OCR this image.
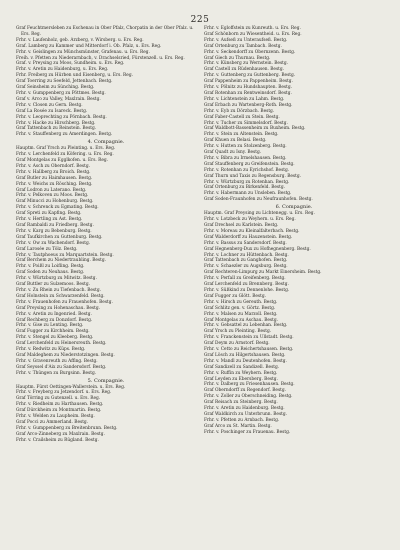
225
Graf Feuchtmersleben zu Eschenau in Ober Pfalz, Chorpatin in der Ober Pfalz. u. Ers. Reg.
Frhr. v. Laufenholz, geb. Arzberg, v. Wirsberg. u. Ers. Reg.
Graf. Lamberg zu Kammer und Mitterdorf i. Ob. Pfalz, u. Ers. Reg.
Frhr. v. Geislingen zu Münchsmünster, Grafenau. u. Ers. Reg.
Freih. v. Pfetten zu Niederarnbach, v. Drachselsried, Fürstenzell. u. Ers. Reg.
Graf. v. Preysing zu Moos, Sundheim. u. Ers. Reg.
Frhr. v. Aretin zu Haidenburg, u. Ers. Reg.
Frhr. Freiberg zu Hürben und Eisenberg, u. Ers. Reg.
Graf Toerring zu Seefeld, Jettenbach. Bestg.
Graf Seinsheim zu Sünching. Bestg.
Frhr. v. Gumppenberg zu Pöttmes. Bestg.
Graf v. Arco zu Valley, Maxlrain. Bestg.
Frhr. v. Closen zu Gern. Bestg.
Graf La Rosée zu Isareck. Bestg.
Frhr. v. Leoprechting zu Pörnbach. Bestg.
Frhr. v. Hacke zu Hirschberg. Bestg.
Graf Tattenbach zu Reinstein. Bestg.
Frhr. v. Stauffenberg zu Amerdingen. Bestg.
4. Compagnie.
Hauptm. Graf Yrsch zu Pleinting. u. Ers. Reg.
Frhr. v. Lerchenfeld zu Köfering. u. Ers. Reg.
Graf Montgelas zu Egglkofen. u. Ers. Reg.
Frhr. v. Asch zu Oberndorf. Bestg.
Frhr. v. Hallberg zu Broich. Bestg.
Graf Butler zu Haimhausen. Bestg.
Frhr. v. Weichs zu Rösching. Bestg.
Graf Lodron zu Laterano. Bestg.
Frhr. v. Pelkoven zu Moos. Bestg.
Graf Minucci zu Hohenburg. Bestg.
Frhr. v. Schrenck zu Egmating. Bestg.
Graf Spreti zu Kapfing. Bestg.
Frhr. v. Hertling zu Ast. Bestg.
Graf Rambaldi zu Friedberg. Bestg.
Frhr. v. Karg zu Bebenburg. Bestg.
Graf Taufkirchen zu Guttenburg. Bestg.
Frhr. v. Ow zu Wachendorf. Bestg.
Graf Larosée zu Tölz. Bestg.
Frhr. v. Tautphoeus zu Marquartstein. Bestg.
Graf Berchem zu Niedertraubling. Bestg.
Frhr. v. Poißl zu Loifling. Bestg.
Graf Soden zu Neuhaus. Bestg.
Frhr. v. Würtzburg zu Mitwitz. Bestg.
Graf Buttler zu Sulzemoos. Bestg.
Frhr. v. Zu Rhein zu Tiefenbach. Bestg.
Graf Holnstein zu Schwarzenfeld. Bestg.
Frhr. v. Frauenhofen zu Frauenhofen. Bestg.
Graf Preysing zu Hohenaschau. Bestg.
Frhr. v. Aretin zu Ingenried. Bestg.
Graf Rechberg zu Donzdorf. Bestg.
Frhr. v. Gise zu Lenting. Bestg.
Graf Fugger zu Kirchheim. Bestg.
Frhr. v. Stengel zu Kleeberg. Bestg.
Graf Lerchenfeld zu Heinersreuth. Bestg.
Frhr. v. Redwitz zu Küps. Bestg.
Graf Maldeghem zu Niederstotzingen. Bestg.
Frhr. v. Gravenreuth zu Affing. Bestg.
Graf Seyssel d'Aix zu Sandersdorf. Bestg.
Frhr. v. Thüngen zu Burgsinn. Bestg.
5. Compagnie.
Hauptm. Fürst Oettingen-Wallerstein. u. Ers. Reg.
Frhr. v. Freyberg zu Jetzendorf. u. Ers. Reg.
Graf Törring zu Gutenzell. u. Ers. Reg.
Frhr. v. Riedheim zu Harthausen. Bestg.
Graf Dürckheim zu Montmartin. Bestg.
Frhr. v. Welden zu Laupheim. Bestg.
Graf Pocci zu Ammerland. Bestg.
Frhr. v. Gumppenberg zu Breitenbrunn. Bestg.
Graf Arco-Zinneberg zu Maxlrain. Bestg.
Frhr. v. Crailsheim zu Rügland. Bestg.
Frhr. v. Egloffstein zu Kunreuth. u. Ers. Reg.
Graf Schönborn zu Wiesentheid. u. Ers. Reg.
Frhr. v. Aufseß zu Unteraufseß. Bestg.
Graf Ortenburg zu Tambach. Bestg.
Frhr. v. Seckendorff zu Obernzenn. Bestg.
Graf Giech zu Thurnau. Bestg.
Frhr. v. Künsberg zu Wernstein. Bestg.
Graf Castell zu Rüdenhausen. Bestg.
Frhr. v. Guttenberg zu Guttenberg. Bestg.
Graf Pappenheim zu Pappenheim. Bestg.
Frhr. v. Pölnitz zu Hundshaupten. Bestg.
Graf Rotenhan zu Rentweinsdorf. Bestg.
Frhr. v. Lichtenstein zu Lahm. Bestg.
Graf Erbach zu Wartenberg-Roth. Bestg.
Frhr. v. Eyb zu Dörzbach. Bestg.
Graf Faber-Castell zu Stein. Bestg.
Frhr. v. Tucher zu Simmelsdorf. Bestg.
Graf Waldbott-Bassenheim zu Buxheim. Bestg.
Frhr. v. Stein zu Altenstein. Bestg.
Graf Khuen zu Belasi. Bestg.
Frhr. v. Hutten zu Stolzenberg. Bestg.
Graf Quadt zu Isny. Bestg.
Frhr. v. Bibra zu Irmelshausen. Bestg.
Graf Stauffenberg zu Greifenstein. Bestg.
Frhr. v. Rotenhan zu Eyrichshof. Bestg.
Graf Thurn und Taxis zu Regensburg. Bestg.
Frhr. v. Würtzburg zu Rotenhan. Bestg.
Graf Ortenburg zu Birkenfeld. Bestg.
Frhr. v. Habermann zu Unsleben. Bestg.
Graf Soden-Fraunhofen zu Neufraunhofen. Bestg.
6. Compagnie.
Hauptm. Graf Preysing zu Lichtenegg. u. Ers. Reg.
Frhr. v. Lotzbeck zu Weyhern. u. Ers. Reg.
Graf Drechsel zu Karlstein. Bestg.
Frhr. v. Moreau zu Kleinalfalterbach. Bestg.
Graf Walderdorff zu Hauzenstein. Bestg.
Frhr. v. Bassus zu Sandersdorf. Bestg.
Graf Hegnenberg-Dux zu Hofhegnenberg. Bestg.
Frhr. v. Lochner zu Hüttenbach. Bestg.
Graf Tattenbach zu Ganghofen. Bestg.
Frhr. v. Schaezler zu Augsburg. Bestg.
Graf Rechteren-Limpurg zu Markt Einersheim. Bestg.
Frhr. v. Perfall zu Greifenberg. Bestg.
Graf Lerchenfeld zu Brennberg. Bestg.
Frhr. v. Süßkind zu Dennenlohe. Bestg.
Graf Fugger zu Glött. Bestg.
Frhr. v. Hirsch zu Gereuth. Bestg.
Graf Schlitz gen. v. Görtz. Bestg.
Frhr. v. Malsen zu Marzoll. Bestg.
Graf Montgelas zu Aschau. Bestg.
Frhr. v. Gebsattel zu Lebenhan. Bestg.
Graf Yrsch zu Pleinting. Bestg.
Frhr. v. Franckenstein zu Ullstadt. Bestg.
Graf Deym zu Arnstorf. Bestg.
Frhr. v. Cetto zu Reichertshausen. Bestg.
Graf Lösch zu Hilgertshausen. Bestg.
Frhr. v. Mandl zu Deutenhofen. Bestg.
Graf Sandizell zu Sandizell. Bestg.
Frhr. v. Ruffin zu Weyhern. Bestg.
Graf Leyden zu Ebersberg. Bestg.
Frhr. v. Dalberg zu Friesenhausen. Bestg.
Graf Oberndorff zu Regendorf. Bestg.
Frhr. v. Zoller zu Oberschneiding. Bestg.
Graf Reisach zu Steinberg. Bestg.
Frhr. v. Aretin zu Haidenburg. Bestg.
Graf Waldkirch zu Unterbrunn. Bestg.
Frhr. v. Pfetten zu Arnbach. Bestg.
Graf Arco zu St. Martin. Bestg.
Frhr. v. Poschinger zu Frauenau. Bestg.
